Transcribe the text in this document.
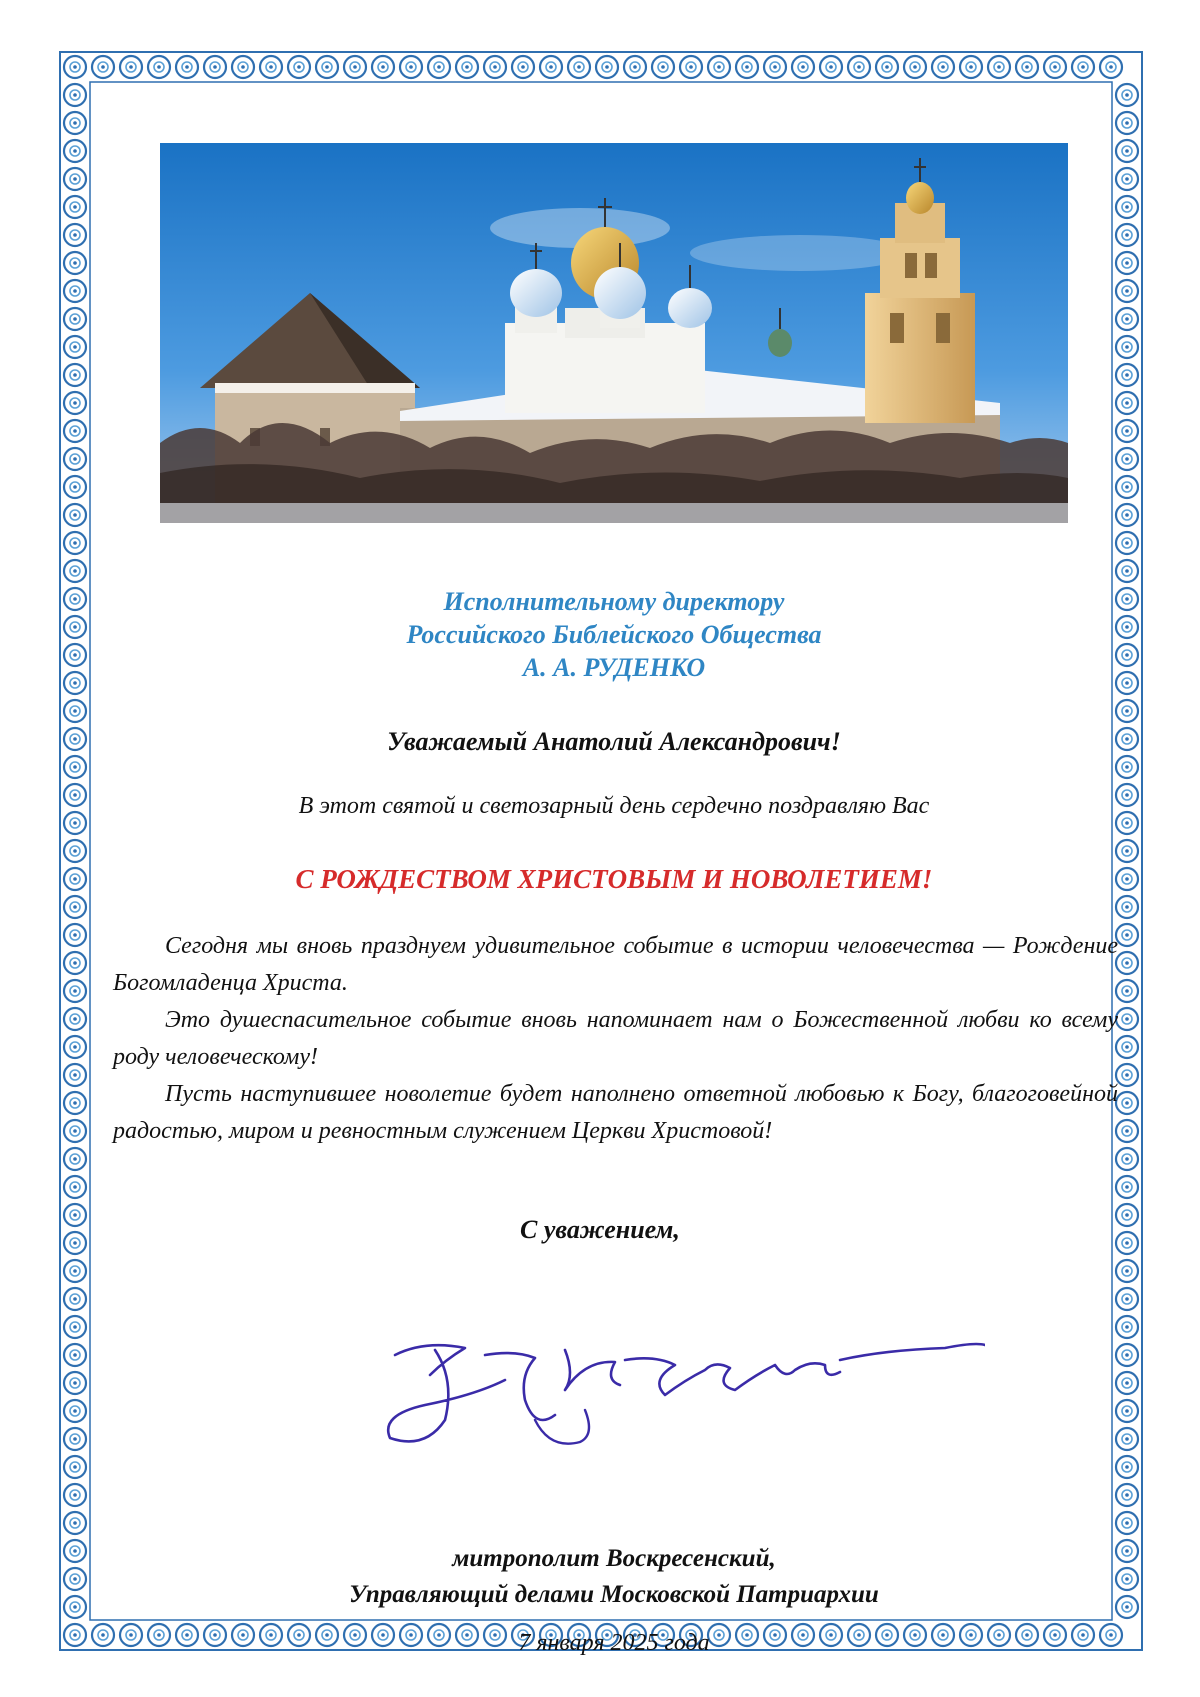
Исполнительному директору
Российского Библейского Общества
А. А. РУДЕНКО
Уважаемый Анатолий Александрович!
В этот святой и светозарный день сердечно поздравляю Вас
С РОЖДЕСТВОМ ХРИСТОВЫМ И НОВОЛЕТИЕМ!

Сегодня мы вновь празднуем удивительное событие в истории человечества — Рождение Богомладенца Христа.

Это душеспасительное событие вновь напоминает нам о Божественной любви ко всему роду человеческому!

Пусть наступившее новолетие будет наполнено ответной любовью к Богу, благоговейной радостью, миром и ревностным служением Церкви Христовой!

С уважением,
митрополит Воскресенский,
Управляющий делами Московской Патриархии
7 января 2025 года
